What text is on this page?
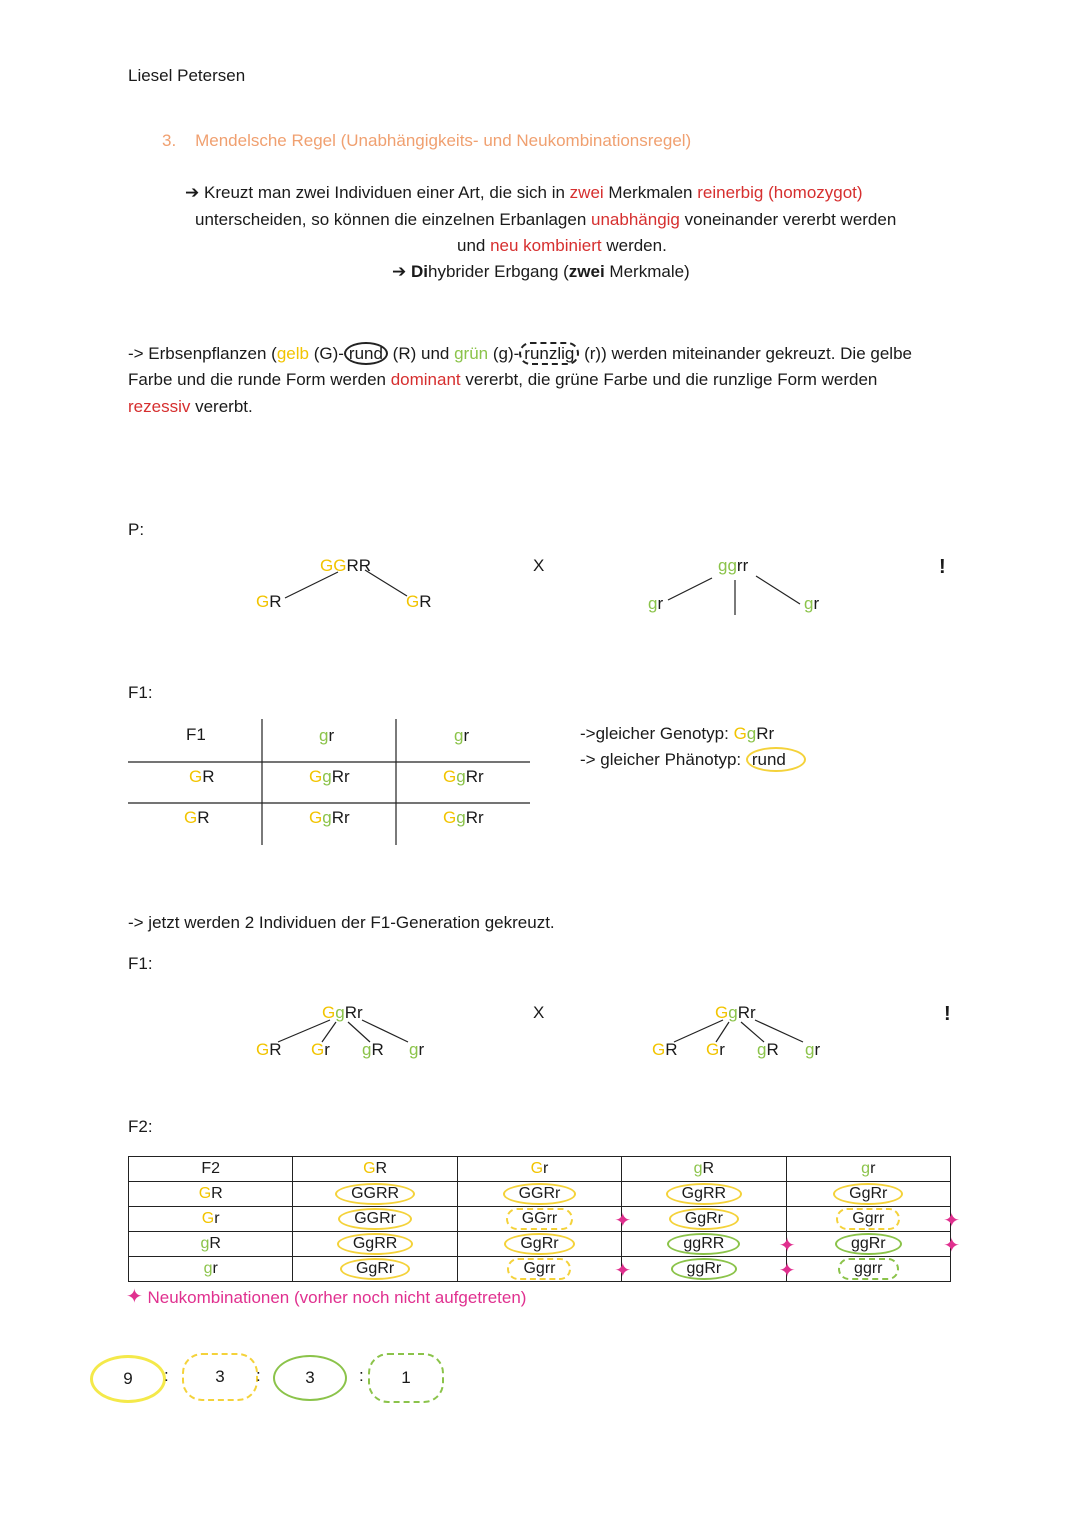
Liesel Petersen
3. Mendelsche Regel (Unabhängigkeits- und Neukombinationsregel)
➔ Kreuzt man zwei Individuen einer Art, die sich in zwei Merkmalen reinerbig (homozygot)
unterscheiden, so können die einzelnen Erbanlagen unabhängig voneinander vererbt werden
und neu kombiniert werden.
➔ Dihybrider Erbgang (zwei Merkmale)
-> Erbsenpflanzen (gelb (G)- rund (R) und grün (g)- runzlig (r)) werden miteinander gekreuzt. Die gelbe
Farbe und die runde Form werden dominant vererbt, die grüne Farbe und die runzlige Form werden
rezessiv vererbt.
P:
GGRR
GR	GR
X	ggrr
gr	gr
!
F1:
F1	gr	gr
GR	GgRr	GgRr
GR	GgRr	GgRr
->gleicher Genotyp: GgRr
-> gleicher Phänotyp: rund
-> jetzt werden 2 Individuen der F1-Generation gekreuzt.
F1:
GgRr
GR Gr gR gr
X	GgRr
GR Gr gR gr
!
F2:
F2	GR	Gr	gR	gr
GR	GGRR	GGRr	GgRR	GgRr
Gr	GGRr	GGrr ✦	GgRr	Ggrr ✦

gR	GgRR	GgRr	ggRR ✦	ggRr ✦

gr	GgRr	Ggrr ✦	ggRr ✦	ggrr
✦ Neukombinationen (vorher noch nicht aufgetreten)
9 :	3 :	3	: 1
